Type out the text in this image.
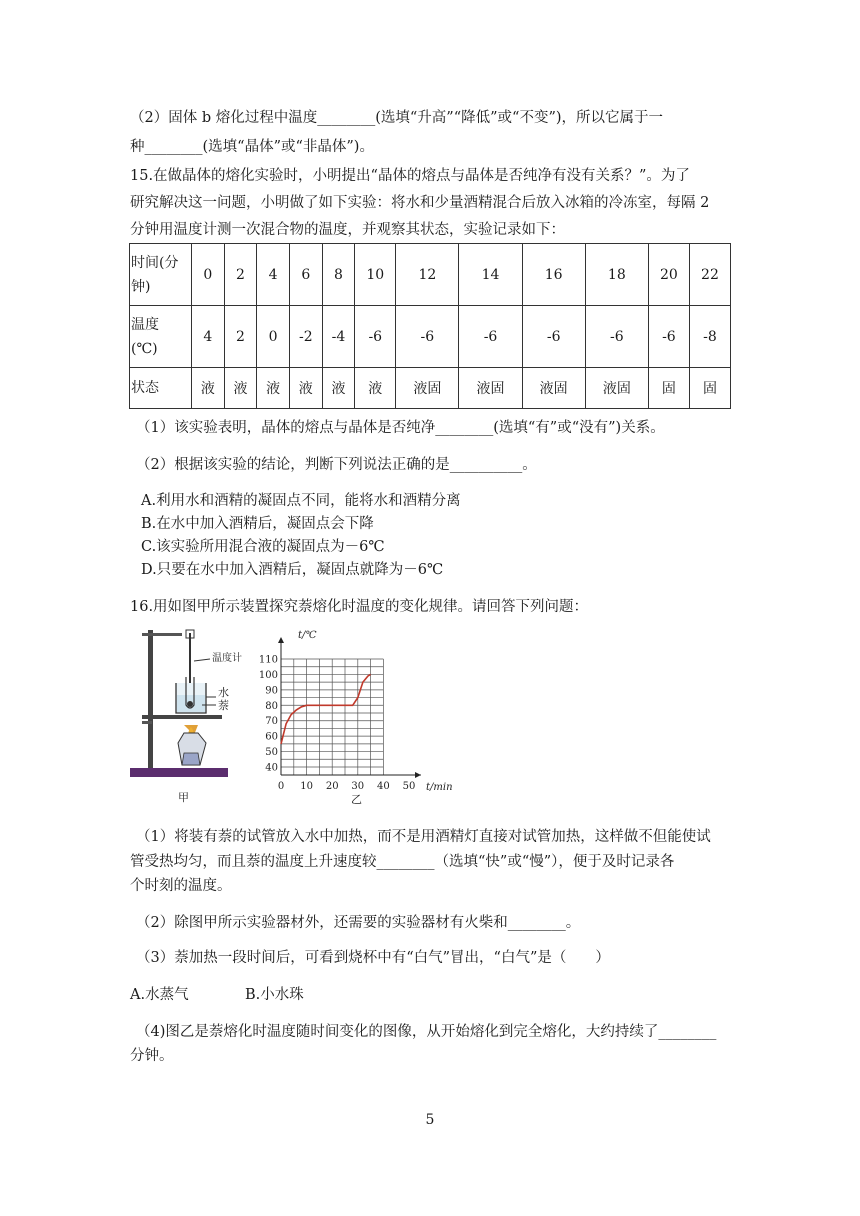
（2）固体 b 熔化过程中温度________(选填“升高”“降低”或“不变”)，所以它属于一
种________(选填“晶体”或“非晶体”)。
15.在做晶体的熔化实验时，小明提出“晶体的熔点与晶体是否纯净有没有关系？”。为了
研究解决这一问题，小明做了如下实验：将水和少量酒精混合后放入冰箱的冷冻室，每隔 2
分钟用温度计测一次混合物的温度，并观察其状态，实验记录如下：
时间(分
钟)	0	2	4	6	8	10	12	14	16	18	20	22
温度
(℃)	4	2	0	-2	-4	-6	-6	-6	-6	-6	-6	-8
状态	液	液	液	液	液	液	液固	液固	液固	液固	固	固
（1）该实验表明，晶体的熔点与晶体是否纯净________(选填“有”或“没有”)关系。
（2）根据该实验的结论，判断下列说法正确的是__________。
A.利用水和酒精的凝固点不同，能将水和酒精分离
B.在水中加入酒精后，凝固点会下降
C.该实验所用混合液的凝固点为－6℃
D.只要在水中加入酒精后，凝固点就降为－6℃
16.用如图甲所示装置探究萘熔化时温度的变化规律。请回答下列问题：
温度计
水
萘
甲
0 10 20 30 40 50
40
50
60
70
80
90
100
110
t/℃
t/min
乙
（1）将装有萘的试管放入水中加热，而不是用酒精灯直接对试管加热，这样做不但能使试
管受热均匀，而且萘的温度上升速度较________（选填“快”或“慢”），便于及时记录各
个时刻的温度。
（2）除图甲所示实验器材外，还需要的实验器材有火柴和________。
（3）萘加热一段时间后，可看到烧杯中有“白气”冒出，“白气”是（　　）
A.水蒸气	B.小水珠
（4)图乙是萘熔化时温度随时间变化的图像，从开始熔化到完全熔化，大约持续了________
分钟。
5
